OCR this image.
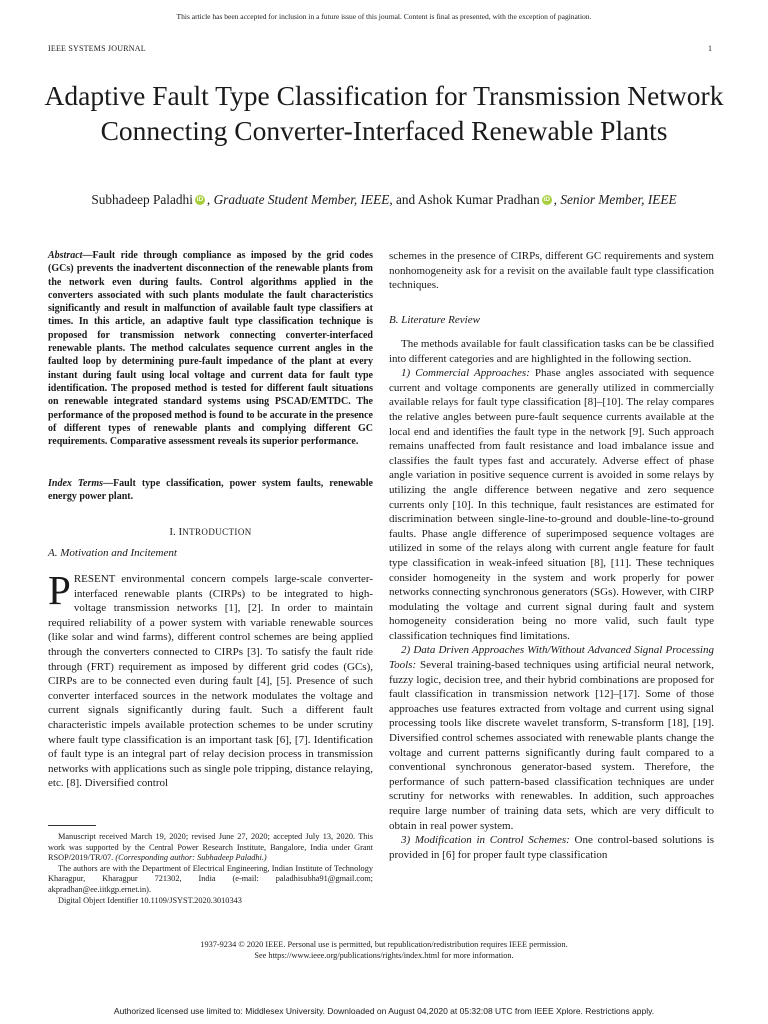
This article has been accepted for inclusion in a future issue of this journal. Content is final as presented, with the exception of pagination.
IEEE SYSTEMS JOURNAL	1
Adaptive Fault Type Classification for Transmission Network Connecting Converter-Interfaced Renewable Plants
Subhadeep Paladhi iD , Graduate Student Member, IEEE, and Ashok Kumar Pradhan iD , Senior Member, IEEE

Abstract—Fault ride through compliance as imposed by the grid codes (GCs) prevents the inadvertent disconnection of the renewable plants from the network even during faults. Control algorithms applied in the converters associated with such plants modulate the fault characteristics significantly and result in malfunction of available fault type classifiers at times. In this article, an adaptive fault type classification technique is proposed for transmission network connecting converter-interfaced renewable plants. The method calculates sequence current angles in the faulted loop by determining pure-fault impedance of the plant at every instant during fault using local voltage and current data for fault type identification. The proposed method is tested for different fault situations on renewable integrated standard systems using PSCAD/EMTDC. The performance of the proposed method is found to be accurate in the presence of different types of renewable plants and complying different GC requirements. Comparative assessment reveals its superior performance.

Index Terms—Fault type classification, power system faults, renewable energy power plant.

I. INTRODUCTION
A. Motivation and Incitement

PRESENT environmental concern compels large-scale converter-interfaced renewable plants (CIRPs) to be integrated to high-voltage transmission networks [1], [2]. In order to maintain required reliability of a power system with variable renewable sources (like solar and wind farms), different control schemes are being applied through the converters connected to CIRPs [3]. To satisfy the fault ride through (FRT) requirement as imposed by different grid codes (GCs), CIRPs are to be connected even during fault [4], [5]. Presence of such converter interfaced sources in the network modulates the voltage and current signals significantly during fault. Such a different fault characteristic impels available protection schemes to be under scrutiny where fault type classification is an important task [6], [7]. Identification of fault type is an integral part of relay decision process in transmission networks with applications such as single pole tripping, distance relaying, etc. [8]. Diversified control

Manuscript received March 19, 2020; revised June 27, 2020; accepted July 13, 2020. This work was supported by the Central Power Research Institute, Bangalore, India under Grant RSOP/2019/TR/07. (Corresponding author: Subhadeep Paladhi.)

The authors are with the Department of Electrical Engineering, Indian Institute of Technology Kharagpur, Kharagpur 721302, India (e-mail: paladhisubha91@gmail.com; akpradhan@ee.iitkgp.ernet.in).

Digital Object Identifier 10.1109/JSYST.2020.3010343

schemes in the presence of CIRPs, different GC requirements and system nonhomogeneity ask for a revisit on the available fault type classification techniques.

B. Literature Review

The methods available for fault classification tasks can be be classified into different categories and are highlighted in the following section.

1) Commercial Approaches: Phase angles associated with sequence current and voltage components are generally utilized in commercially available relays for fault type classification [8]–[10]. The relay compares the relative angles between pure-fault sequence currents available at the local end and identifies the fault type in the network [9]. Such approach remains unaffected from fault resistance and load imbalance issue and classifies the fault types fast and accurately. Adverse effect of phase angle variation in positive sequence current is avoided in some relays by utilizing the angle difference between negative and zero sequence currents only [10]. In this technique, fault resistances are estimated for discrimination between single-line-to-ground and double-line-to-ground faults. Phase angle difference of superimposed sequence voltages are utilized in some of the relays along with current angle feature for fault type classification in weak-infeed situation [8], [11]. These techniques consider homogeneity in the system and work properly for power networks connecting synchronous generators (SGs). However, with CIRP modulating the voltage and current signal during fault and system homogeneity consideration being no more valid, such fault type classification techniques find limitations.

2) Data Driven Approaches With/Without Advanced Signal Processing Tools: Several training-based techniques using artificial neural network, fuzzy logic, decision tree, and their hybrid combinations are proposed for fault classification in transmission network [12]–[17]. Some of those approaches use features extracted from voltage and current using signal processing tools like discrete wavelet transform, S-transform [18], [19]. Diversified control schemes associated with renewable plants change the voltage and current patterns significantly during fault compared to a conventional synchronous generator-based system. Therefore, the performance of such pattern-based classification techniques are under scrutiny for networks with renewables. In addition, such approaches require large number of training data sets, which are very difficult to obtain in real power system.

3) Modification in Control Schemes: One control-based solutions is provided in [6] for proper fault type classification

1937-9234 © 2020 IEEE. Personal use is permitted, but republication/redistribution requires IEEE permission.
See https://www.ieee.org/publications/rights/index.html for more information.
Authorized licensed use limited to: Middlesex University. Downloaded on August 04,2020 at 05:32:08 UTC from IEEE Xplore. Restrictions apply.
